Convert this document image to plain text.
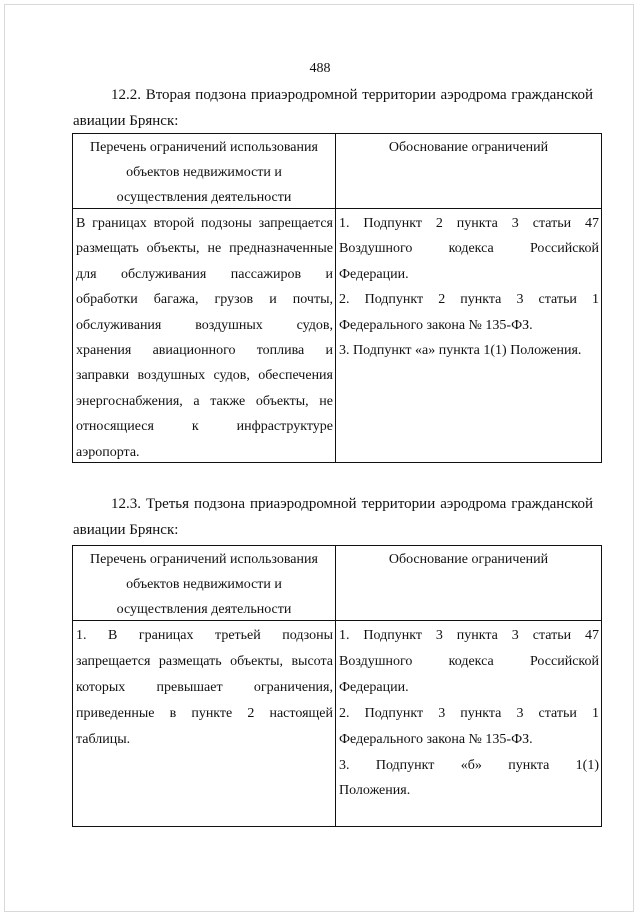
488
12.2. Вторая подзона приаэродромной территории аэродрома гражданской
авиации Брянск:
Перечень ограничений использования
объектов недвижимости и
осуществления деятельности
Обоснование ограничений
В границах второй подзоны запрещается
размещать объекты, не предназначенные
для обслуживания пассажиров и
обработки багажа, грузов и почты,
обслуживания воздушных судов,
хранения авиационного топлива и
заправки воздушных судов, обеспечения
энергоснабжения, а также объекты, не
относящиеся к инфраструктуре
аэропорта.
1. Подпункт 2 пункта 3 статьи 47
Воздушного кодекса Российской
Федерации.
2. Подпункт 2 пункта 3 статьи 1
Федерального закона № 135-ФЗ.
3. Подпункт «а» пункта 1(1) Положения.
12.3. Третья подзона приаэродромной территории аэродрома гражданской
авиации Брянск:
Перечень ограничений использования
объектов недвижимости и
осуществления деятельности
Обоснование ограничений
1. В границах третьей подзоны
запрещается размещать объекты, высота
которых превышает ограничения,
приведенные в пункте 2 настоящей
таблицы.
1. Подпункт 3 пункта 3 статьи 47
Воздушного кодекса Российской
Федерации.
2. Подпункт 3 пункта 3 статьи 1
Федерального закона № 135-ФЗ.
3. Подпункт «б» пункта 1(1)
Положения.
